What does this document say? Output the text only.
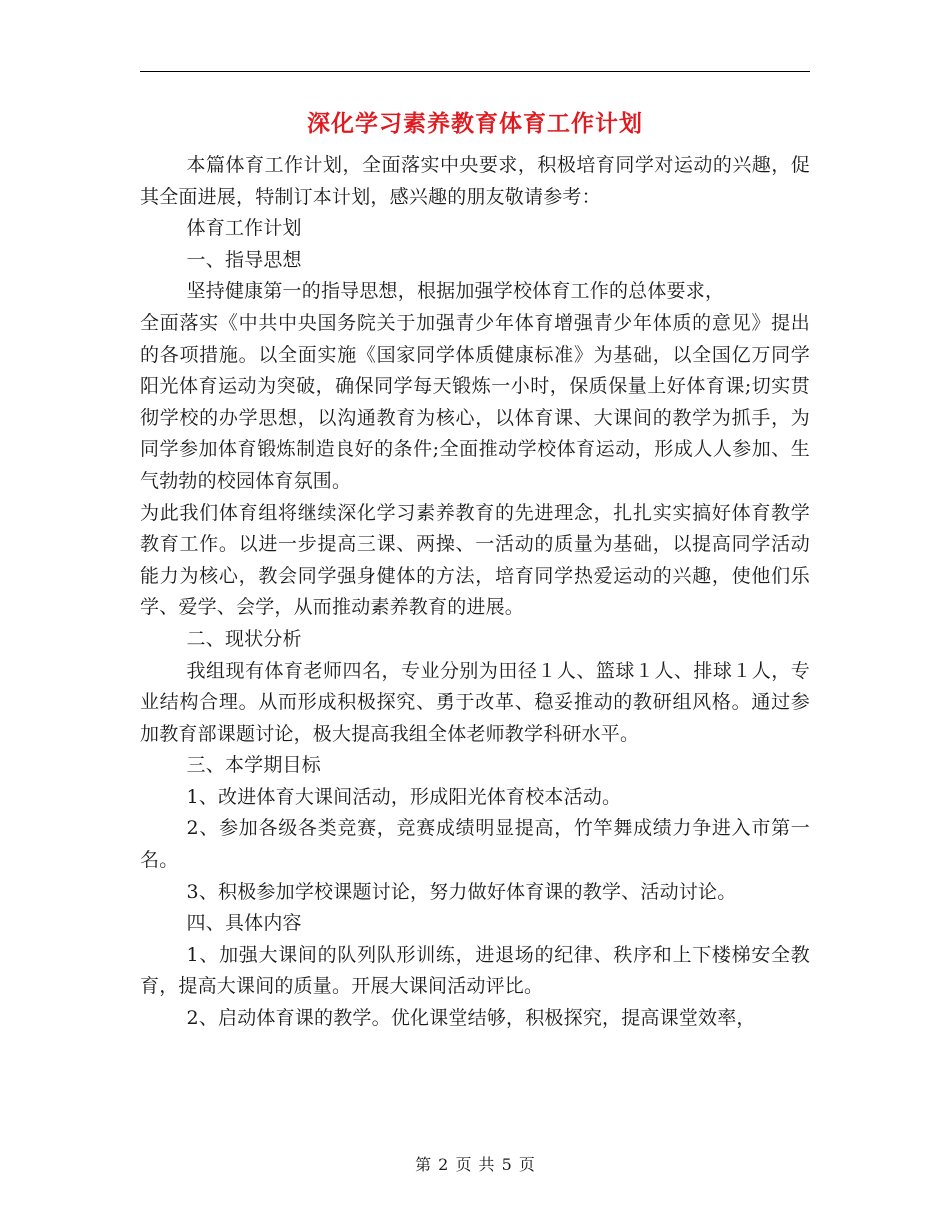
深化学习素养教育体育工作计划

本篇体育工作计划，全面落实中央要求，积极培育同学对运动的兴趣，促其全面进展，特制订本计划，感兴趣的朋友敬请参考：

体育工作计划

一、指导思想

坚持健康第一的指导思想，根据加强学校体育工作的总体要求，

全面落实《中共中央国务院关于加强青少年体育增强青少年体质的意见》提出的各项措施。以全面实施《国家同学体质健康标准》为基础，以全国亿万同学阳光体育运动为突破，确保同学每天锻炼一小时，保质保量上好体育课;切实贯彻学校的办学思想，以沟通教育为核心，以体育课、大课间的教学为抓手，为同学参加体育锻炼制造良好的条件;全面推动学校体育运动，形成人人参加、生气勃勃的校园体育氛围。

为此我们体育组将继续深化学习素养教育的先进理念，扎扎实实搞好体育教学教育工作。以进一步提高三课、两操、一活动的质量为基础，以提高同学活动能力为核心，教会同学强身健体的方法，培育同学热爱运动的兴趣，使他们乐学、爱学、会学，从而推动素养教育的进展。

二、现状分析

我组现有体育老师四名，专业分别为田径１人、篮球１人、排球１人，专业结构合理。从而形成积极探究、勇于改革、稳妥推动的教研组风格。通过参加教育部课题讨论，极大提高我组全体老师教学科研水平。

三、本学期目标

1、改进体育大课间活动，形成阳光体育校本活动。

2、参加各级各类竞赛，竞赛成绩明显提高，竹竿舞成绩力争进入市第一名。

3、积极参加学校课题讨论，努力做好体育课的教学、活动讨论。

四、具体内容

1、加强大课间的队列队形训练，进退场的纪律、秩序和上下楼梯安全教育，提高大课间的质量。开展大课间活动评比。

2、启动体育课的教学。优化课堂结够，积极探究，提高课堂效率，

第 2 页 共 5 页
